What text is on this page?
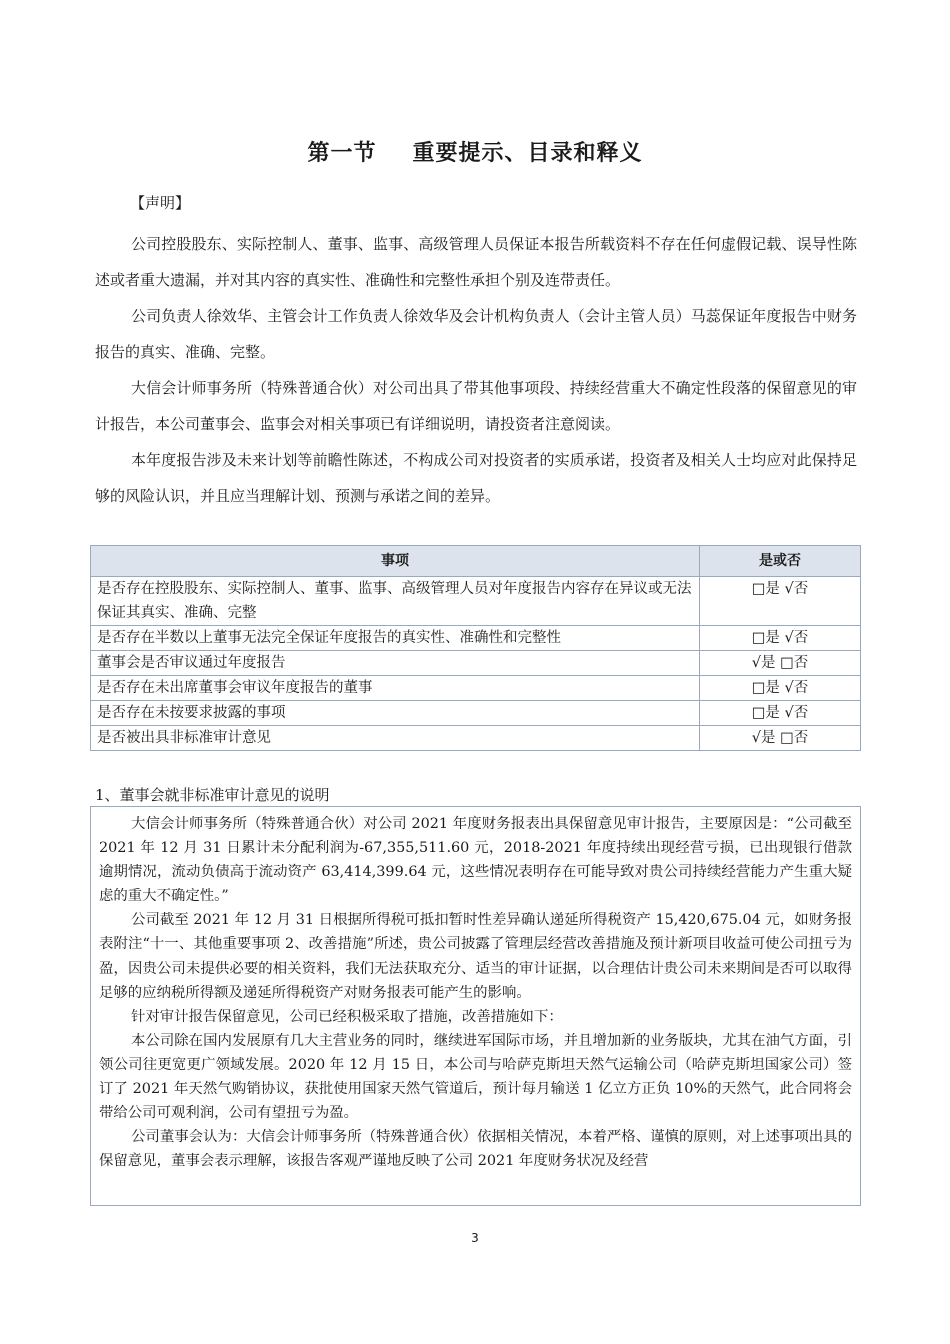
第一节 重要提示、目录和释义
【声明】

公司控股股东、实际控制人、董事、监事、高级管理人员保证本报告所载资料不存在任何虚假记载、误导性陈述或者重大遗漏，并对其内容的真实性、准确性和完整性承担个别及连带责任。

公司负责人徐效华、主管会计工作负责人徐效华及会计机构负责人（会计主管人员）马蕊保证年度报告中财务报告的真实、准确、完整。

大信会计师事务所（特殊普通合伙）对公司出具了带其他事项段、持续经营重大不确定性段落的保留意见的审计报告，本公司董事会、监事会对相关事项已有详细说明，请投资者注意阅读。

本年度报告涉及未来计划等前瞻性陈述，不构成公司对投资者的实质承诺，投资者及相关人士均应对此保持足够的风险认识，并且应当理解计划、预测与承诺之间的差异。

事项	是或否
是否存在控股股东、实际控制人、董事、监事、高级管理人员对年度报告内容存在异议或无法保证其真实、准确、完整	□是 √否
是否存在半数以上董事无法完全保证年度报告的真实性、准确性和完整性	□是 √否
董事会是否审议通过年度报告	√是 □否
是否存在未出席董事会审议年度报告的董事	□是 √否
是否存在未按要求披露的事项	□是 √否
是否被出具非标准审计意见	√是 □否
1、董事会就非标准审计意见的说明

大信会计师事务所（特殊普通合伙）对公司 2021 年度财务报表出具保留意见审计报告，主要原因是：“公司截至 2021 年 12 月 31 日累计未分配利润为-67,355,511.60 元，2018-2021 年度持续出现经营亏损，已出现银行借款逾期情况，流动负债高于流动资产 63,414,399.64 元，这些情况表明存在可能导致对贵公司持续经营能力产生重大疑虑的重大不确定性。”

公司截至 2021 年 12 月 31 日根据所得税可抵扣暂时性差异确认递延所得税资产 15,420,675.04 元，如财务报表附注“十一、其他重要事项 2、改善措施”所述，贵公司披露了管理层经营改善措施及预计新项目收益可使公司扭亏为盈，因贵公司未提供必要的相关资料，我们无法获取充分、适当的审计证据，以合理估计贵公司未来期间是否可以取得足够的应纳税所得额及递延所得税资产对财务报表可能产生的影响。

针对审计报告保留意见，公司已经积极采取了措施，改善措施如下：

本公司除在国内发展原有几大主营业务的同时，继续进军国际市场，并且增加新的业务版块，尤其在油气方面，引领公司往更宽更广领域发展。2020 年 12 月 15 日，本公司与哈萨克斯坦天然气运输公司（哈萨克斯坦国家公司）签订了 2021 年天然气购销协议，获批使用国家天然气管道后，预计每月输送 1 亿立方正负 10%的天然气，此合同将会带给公司可观利润，公司有望扭亏为盈。

公司董事会认为：大信会计师事务所（特殊普通合伙）依据相关情况，本着严格、谨慎的原则，对上述事项出具的保留意见，董事会表示理解，该报告客观严谨地反映了公司 2021 年度财务状况及经营

3
